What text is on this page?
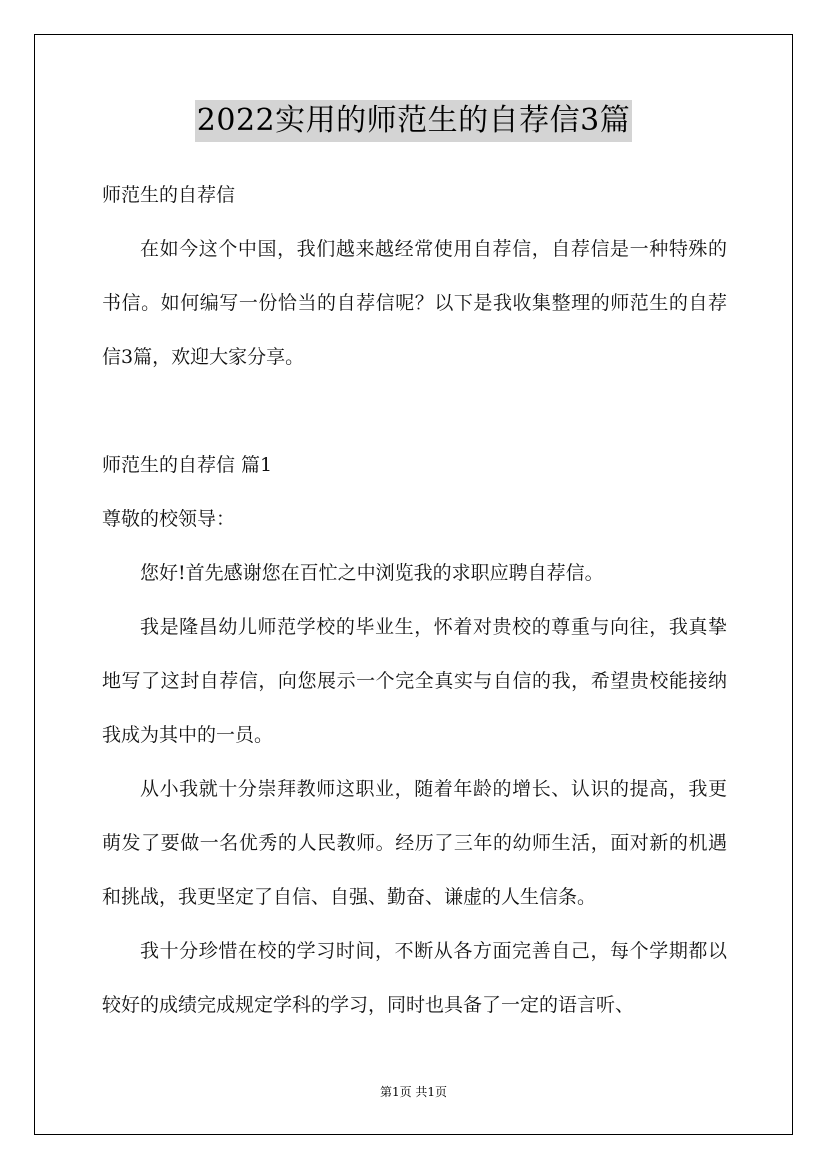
2022实用的师范生的自荐信3篇

师范生的自荐信

在如今这个中国，我们越来越经常使用自荐信，自荐信是一种特殊的书信。如何编写一份恰当的自荐信呢？以下是我收集整理的师范生的自荐信3篇，欢迎大家分享。

师范生的自荐信 篇1

尊敬的校领导：

您好!首先感谢您在百忙之中浏览我的求职应聘自荐信。

我是隆昌幼儿师范学校的毕业生，怀着对贵校的尊重与向往，我真挚地写了这封自荐信，向您展示一个完全真实与自信的我，希望贵校能接纳我成为其中的一员。

从小我就十分崇拜教师这职业，随着年龄的增长、认识的提高，我更萌发了要做一名优秀的人民教师。经历了三年的幼师生活，面对新的机遇和挑战，我更坚定了自信、自强、勤奋、谦虚的人生信条。

我十分珍惜在校的学习时间，不断从各方面完善自己，每个学期都以较好的成绩完成规定学科的学习，同时也具备了一定的语言听、

第1页 共1页
